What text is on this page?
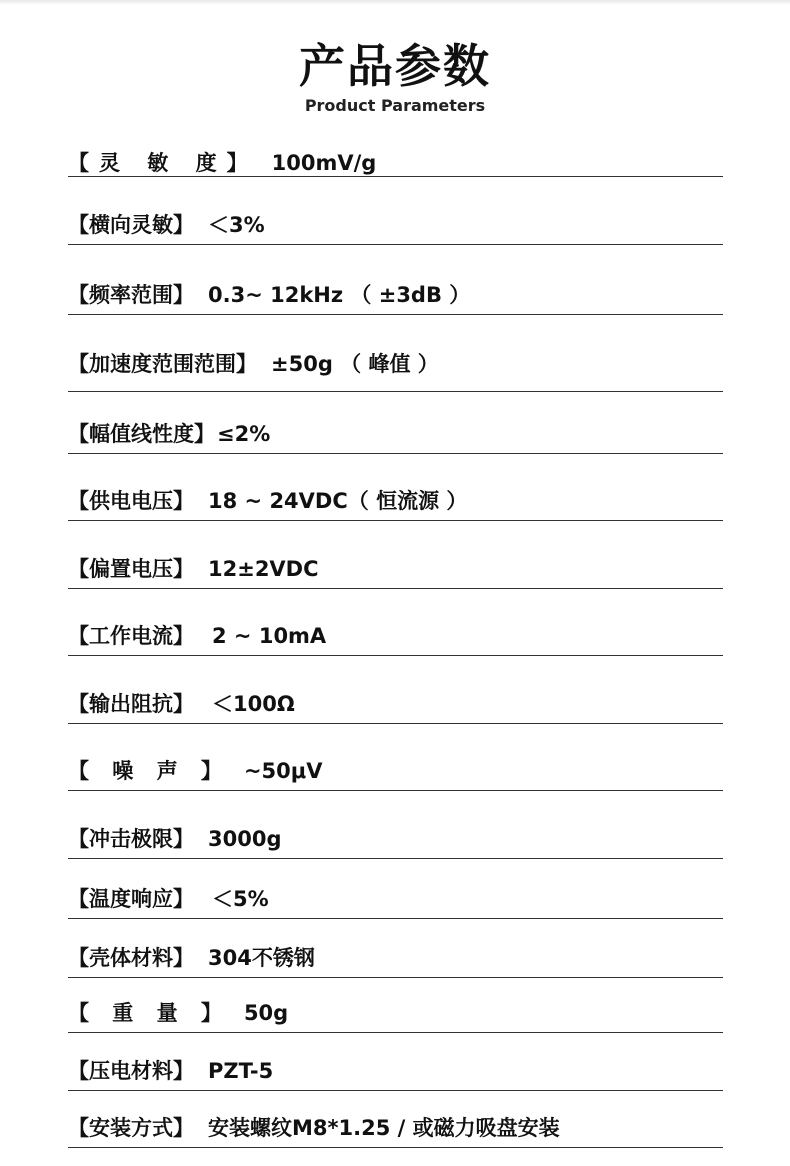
产品参数
Product Parameters
【灵 敏 度】 100mV/g
【横向灵敏】 ＜3%
【频率范围】 0.3~ 12kHz （ ±3dB ）
【加速度范围范围】 ±50g （ 峰值 ）
【幅值线性度】≤2%
【供电电压】 18 ~ 24VDC（ 恒流源 ）
【偏置电压】 12±2VDC
【工作电流】 2 ~ 10mA
【输出阻抗】 ＜100Ω
【 噪 声 】 ~50μV
【冲击极限】 3000g
【温度响应】 ＜5%
【壳体材料】 304不锈钢
【 重 量 】 50g
【压电材料】 PZT-5
【安装方式】 安装螺纹M8*1.25 / 或磁力吸盘安装
